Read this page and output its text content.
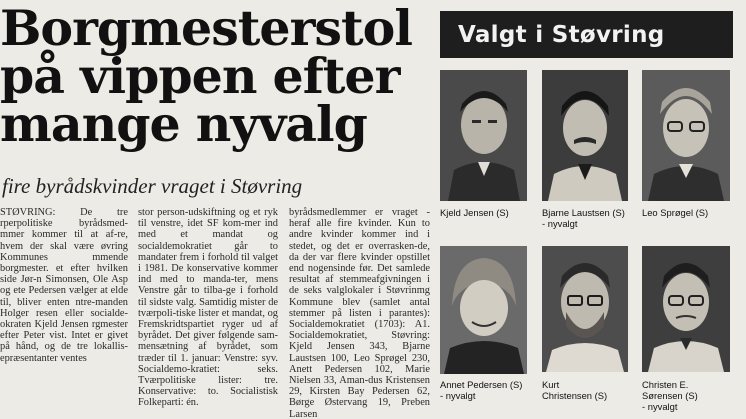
Borgmesterstol
på vippen efter
mange nyvalg
fire byrådskvinder vraget i Støvring

STØVRING: De tre rperpolitiske byrådsmed-mmer kommer til at af-re, hvem der skal være øvring Kommunes mmende borgmester. et efter hvilken side Jør-n Simonsen, Ole Asp og ete Pedersen vælger at elde til, bliver enten ntre-manden Holger resen eller socialde-okraten Kjeld Jensen rgmester efter Peter vist. Intet er givet på hånd, og de tre lokallis-epræsentanter ventes

stor person-udskiftning og et ryk til venstre, idet SF kom-mer ind med et mandat og socialdemokratiet går to mandater frem i forhold til valget i 1981. De konservative kommer ind med to manda-ter, mens Venstre går to tilba-ge i forhold til sidste valg. Samtidig mister de tværpoli-tiske lister et mandat, og Fremskridtspartiet ryger ud af byrådet. Det giver følgende sam-mensætning af byrådet, som træder til 1. januar: Venstre: syv. Socialdemo-kratiet: seks. Tværpolitiske lister: tre. Konservative: to. Socialistisk Folkeparti: én.

byrådsmedlemmer er vraget - heraf alle fire kvinder. Kun to andre kvinder kommer ind i stedet, og det er overrasken-de, da der var flere kvinder opstillet end nogensinde før. Det samlede resultat af stemmeafgivningen i de seks valglokaler i Støvrinmg Kommune blev (samlet antal stemmer på listen i parantes): Socialdemokratiet (1703): A1. Socialdemokratiet, Støvring: Kjeld Jensen 343, Bjarne Laustsen 100, Leo Sprøgel 230, Anett Pedersen 102, Marie Nielsen 33, Aman-dus Kristensen 29, Kirsten Bay Pedersen 62, Børge Østervang 19, Preben Larsen

Valgt i Støvring
Kjeld Jensen (S)	Bjarne Laustsen (S)
- nyvalgt
Leo Sprøgel (S)
Annet Pedersen (S)
- nyvalgt
Kurt
Christensen (S)
Christen E.
Sørensen (S)
- nyvalgt
